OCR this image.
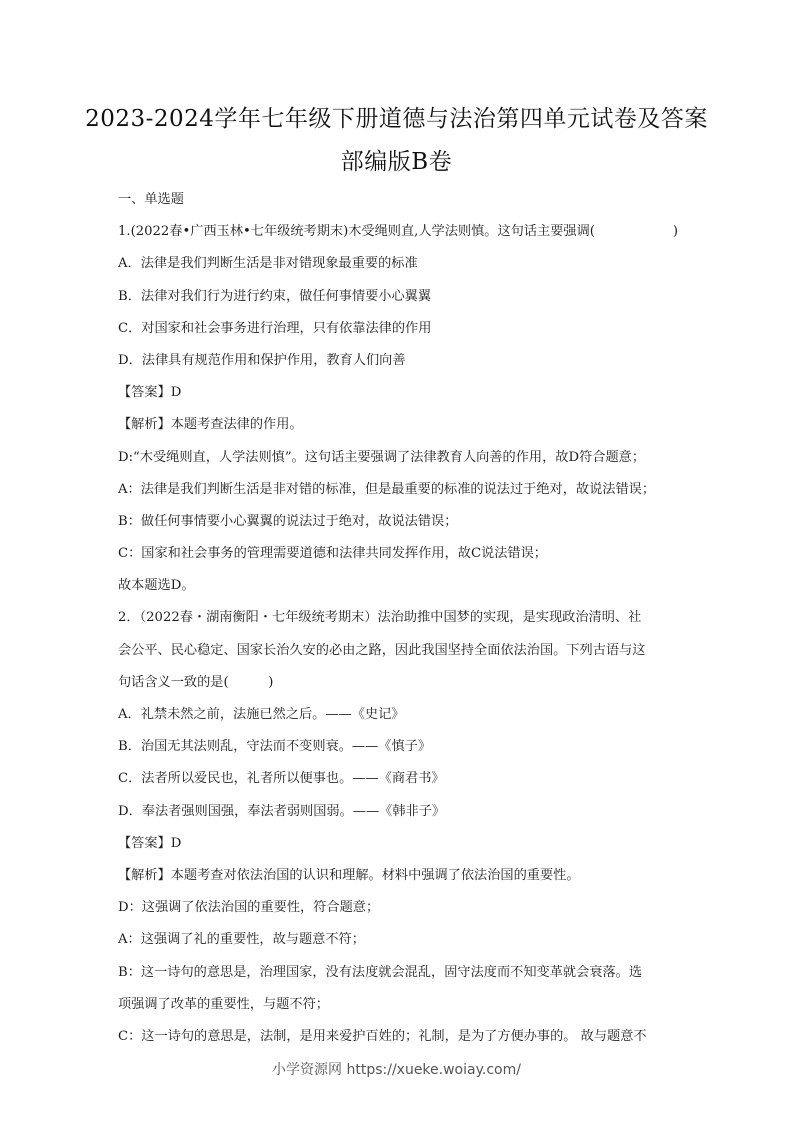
2023-2024学年七年级下册道德与法治第四单元试卷及答案
部编版B卷
一、单选题
1.(2022春•广西玉林•七年级统考期末)木受绳则直,人学法则慎。这句话主要强调(	)
A．法律是我们判断生活是非对错现象最重要的标准
B．法律对我们行为进行约束，做任何事情要小心翼翼
C．对国家和社会事务进行治理，只有依靠法律的作用
D．法律具有规范作用和保护作用，教育人们向善
【答案】D
【解析】本题考查法律的作用。
D:“木受绳则直，人学法则慎”。这句话主要强调了法律教育人向善的作用，故D符合题意；
A：法律是我们判断生活是非对错的标准，但是最重要的标准的说法过于绝对，故说法错误；
B：做任何事情要小心翼翼的说法过于绝对，故说法错误；
C：国家和社会事务的管理需要道德和法律共同发挥作用，故C说法错误；
故本题选D。
2．（2022春・湖南衡阳・七年级统考期末）法治助推中国梦的实现，是实现政治清明、社
会公平、民心稳定、国家长治久安的必由之路，因此我国坚持全面依法治国。下列古语与这
句话含义一致的是(　　　)
A．礼禁未然之前，法施已然之后。——《史记》
B．治国无其法则乱，守法而不变则衰。——《慎子》
C．法者所以爱民也，礼者所以便事也。——《商君书》
D．奉法者强则国强，奉法者弱则国弱。——《韩非子》
【答案】D
【解析】本题考查对依法治国的认识和理解。材料中强调了依法治国的重要性。
D：这强调了依法治国的重要性，符合题意；
A：这强调了礼的重要性，故与题意不符；
B：这一诗句的意思是，治理国家，没有法度就会混乱，固守法度而不知变革就会衰落。选
项强调了改革的重要性，与题不符；
C：这一诗句的意思是，法制，是用来爱护百姓的；礼制，是为了方便办事的。 故与题意不
小学资源网 https://xueke.woiay.com/
